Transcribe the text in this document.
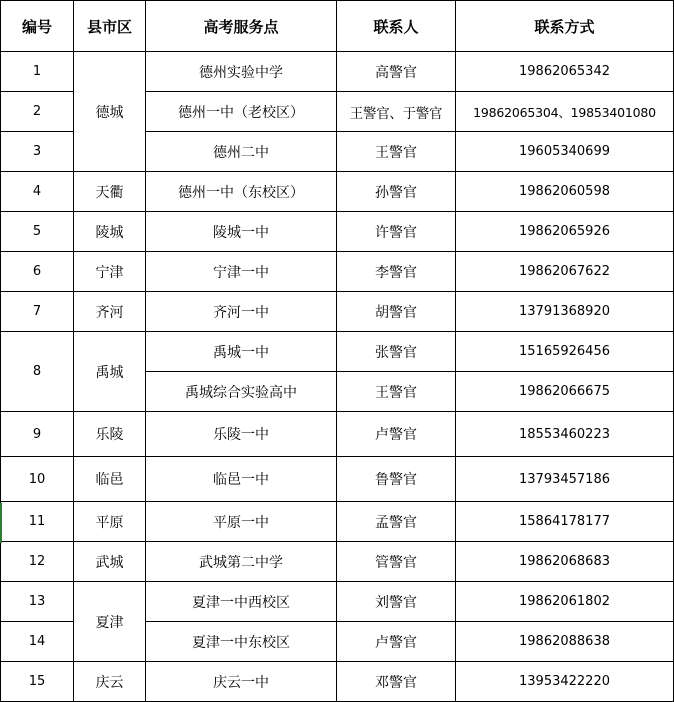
编号	县市区	高考服务点	联系人	联系方式
1	德城	德州实验中学	高警官	19862065342
2		德州一中（老校区）	王警官、于警官	19862065304、19853401080
3		德州二中	王警官	19605340699
4	天衢	德州一中（东校区）	孙警官	19862060598
5	陵城	陵城一中	许警官	19862065926
6	宁津	宁津一中	李警官	19862067622
7	齐河	齐河一中	胡警官	13791368920
8	禹城	禹城一中	张警官	15165926456
		禹城综合实验高中	王警官	19862066675
9	乐陵	乐陵一中	卢警官	18553460223
10	临邑	临邑一中	鲁警官	13793457186
11	平原	平原一中	孟警官	15864178177
12	武城	武城第二中学	管警官	19862068683
13	夏津	夏津一中西校区	刘警官	19862061802
14		夏津一中东校区	卢警官	19862088638
15	庆云	庆云一中	邓警官	13953422220
